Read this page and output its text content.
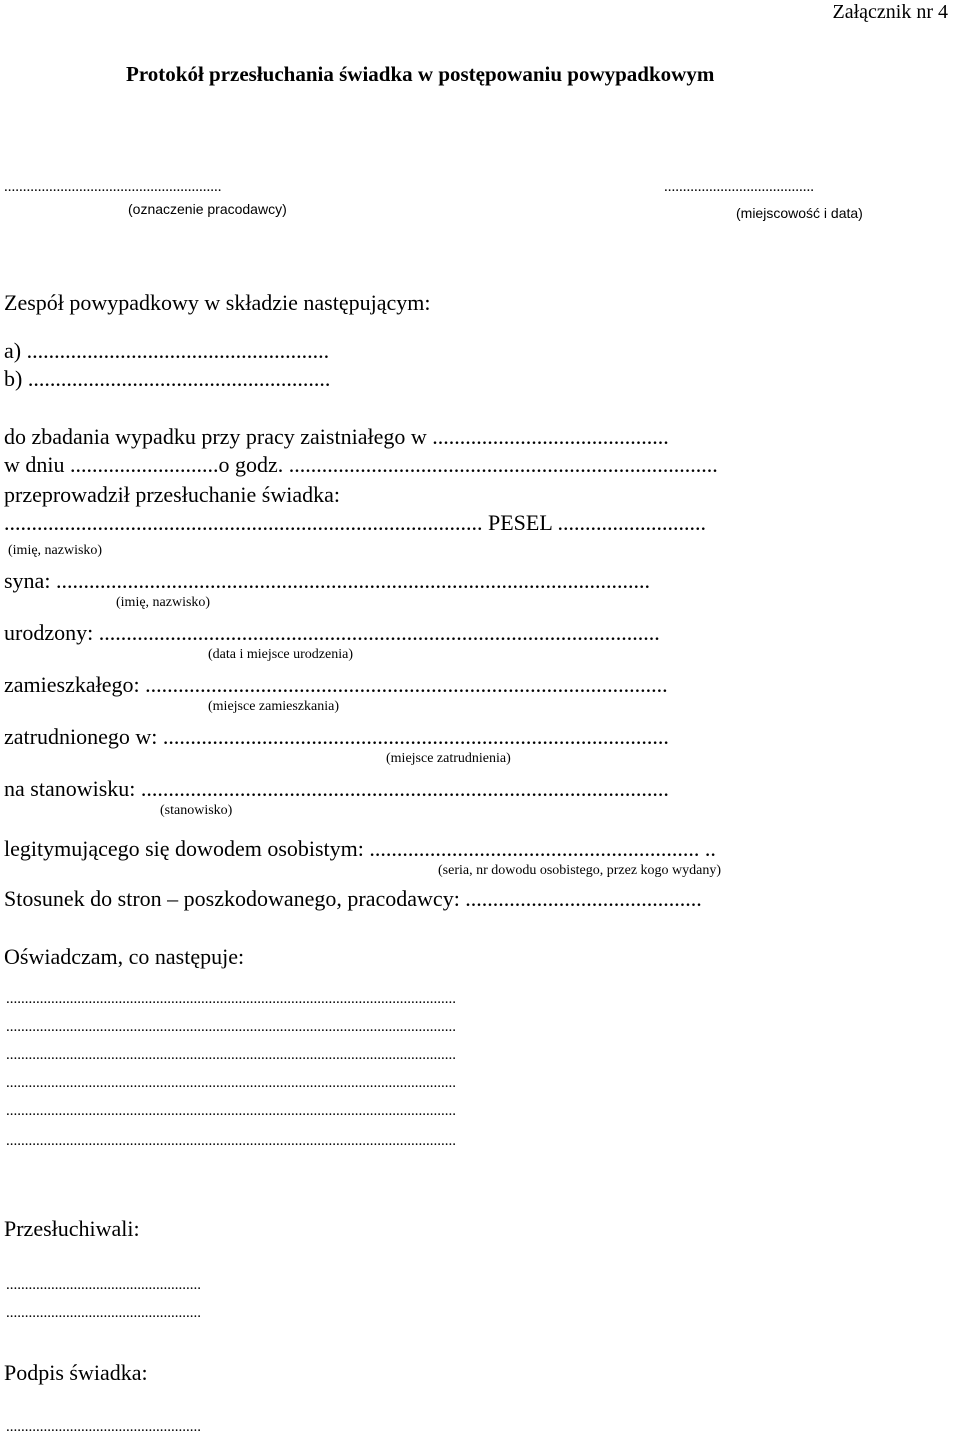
Załącznik nr 4
Protokół przesłuchania świadka w postępowaniu powypadkowym
..........................................................
(oznaczenie pracodawcy)
........................................
(miejscowość i data)
Zespół powypadkowy w składzie następującym:
a) .......................................................
b) .......................................................
do zbadania wypadku przy pracy zaistniałego w ...........................................
w dniu ...........................o godz. ..............................................................................
przeprowadził przesłuchanie świadka:
....................................................................................... PESEL ...........................
(imię, nazwisko)
syna: ............................................................................................................
(imię, nazwisko)
urodzony: ......................................................................................................
(data i miejsce urodzenia)
zamieszkałego: ...............................................................................................
(miejsce zamieszkania)
zatrudnionego w: ............................................................................................
(miejsce zatrudnienia)
na stanowisku: ................................................................................................
(stanowisko)
legitymującego się dowodem osobistym: ............................................................ ..
(seria, nr dowodu osobistego, przez kogo wydany)
Stosunek do stron – poszkodowanego, pracodawcy: ...........................................
Oświadczam, co następuje:
........................................................................................................................
........................................................................................................................
........................................................................................................................
........................................................................................................................
........................................................................................................................
........................................................................................................................
Przesłuchiwali:
....................................................
....................................................
Podpis świadka:
....................................................
